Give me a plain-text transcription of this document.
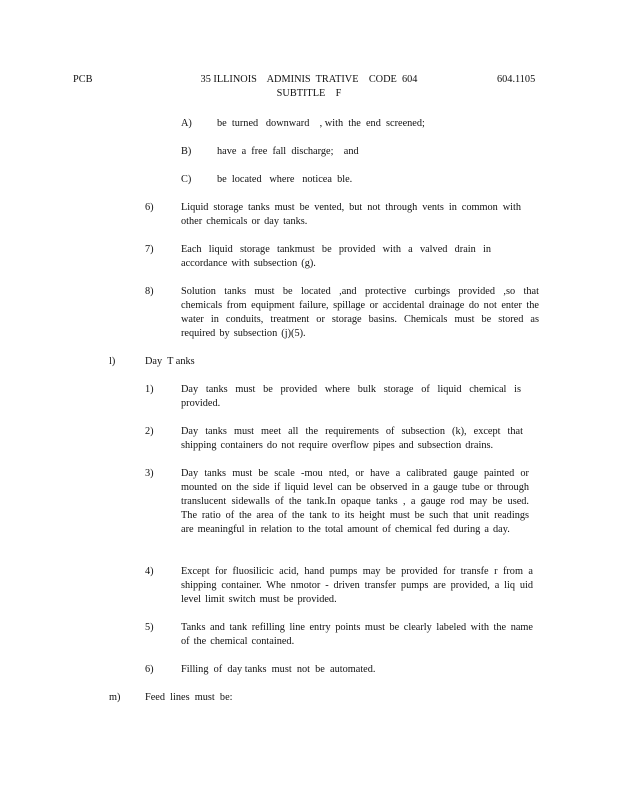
PCB	35 ILLINOIS    ADMINIS  TRATIVE    CODE  604
SUBTITLE    F
604.1105
A) be  turned   downward    , with  the  end  screened;
B) have  a  free  fall  discharge;    and
C) be  located   where   noticea  ble.
6)	Liquid storage tanks must be vented, but not through vents in common with other chemicals or day tanks.
7)	Each liquid storage tankmust be provided with a valved drain in accordance with subsection (g).
8)	Solution tanks must be located ,and protective curbings provided ,so that chemicals from equipment failure, spillage or accidental drainage do not enter the water in conduits, treatment or storage basins. Chemicals must be stored as required by subsection (j)(5).
l)	Day  T anks
1)	Day tanks must be provided where bulk storage of liquid chemical is provided.
2)	Day tanks must meet all the requirements of subsection (k), except that shipping containers do not require overflow pipes and subsection drains.
3)	Day tanks must be scale -mou nted, or have a calibrated gauge painted or mounted on the side if liquid level can be observed in a gauge tube or through translucent sidewalls of the tank.In opaque tanks , a gauge rod may be used. The ratio of the area of the tank to its height must be such that unit readings are meaningful in relation to the total amount of chemical fed during a day.
4)	Except for fluosilicic acid, hand pumps may be provided for transfe r from a shipping container. Whe nmotor - driven transfer pumps are provided, a liq uid level limit switch must be provided.
5)	Tanks and tank refilling line entry points must be clearly labeled with the name of the chemical contained.
6)	Filling  of  day tanks  must  not  be  automated.
m) Feed  lines  must  be:
